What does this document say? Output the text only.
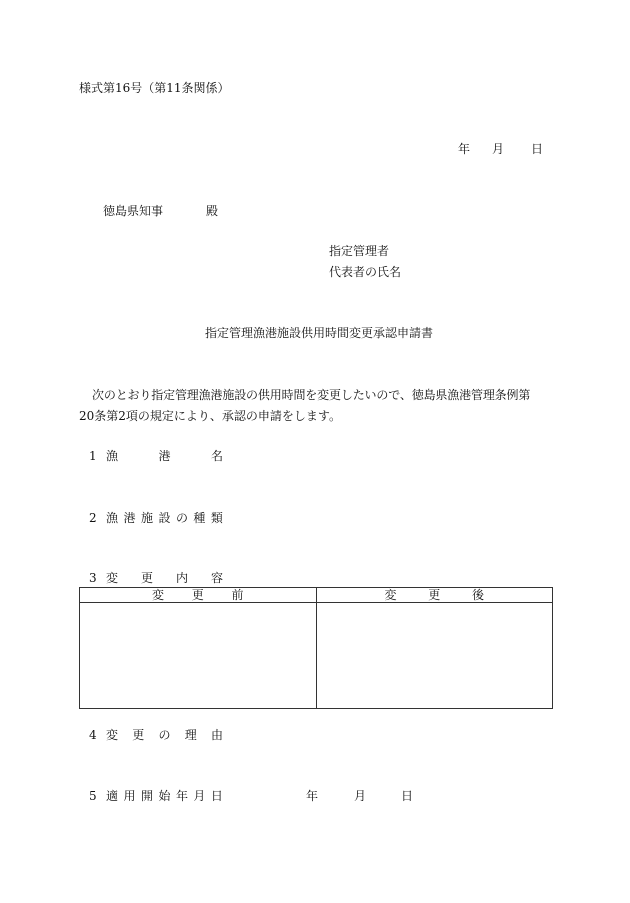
様式第16号（第11条関係）
年 月 日
徳島県知事	殿
指定管理者
代表者の氏名
指定管理漁港施設供用時間変更承認申請書
次のとおり指定管理漁港施設の供用時間を変更したいので、徳島県漁港管理条例第
20条第2項の規定により、承認の申請をします。
1 漁	港	名
2 漁 港 施 設 の 種 類
3 変 更 内 容
変 更 前	変 更 後

4 変 更 の 理 由
5 適 用 開 始 年 月 日	年	月	日
